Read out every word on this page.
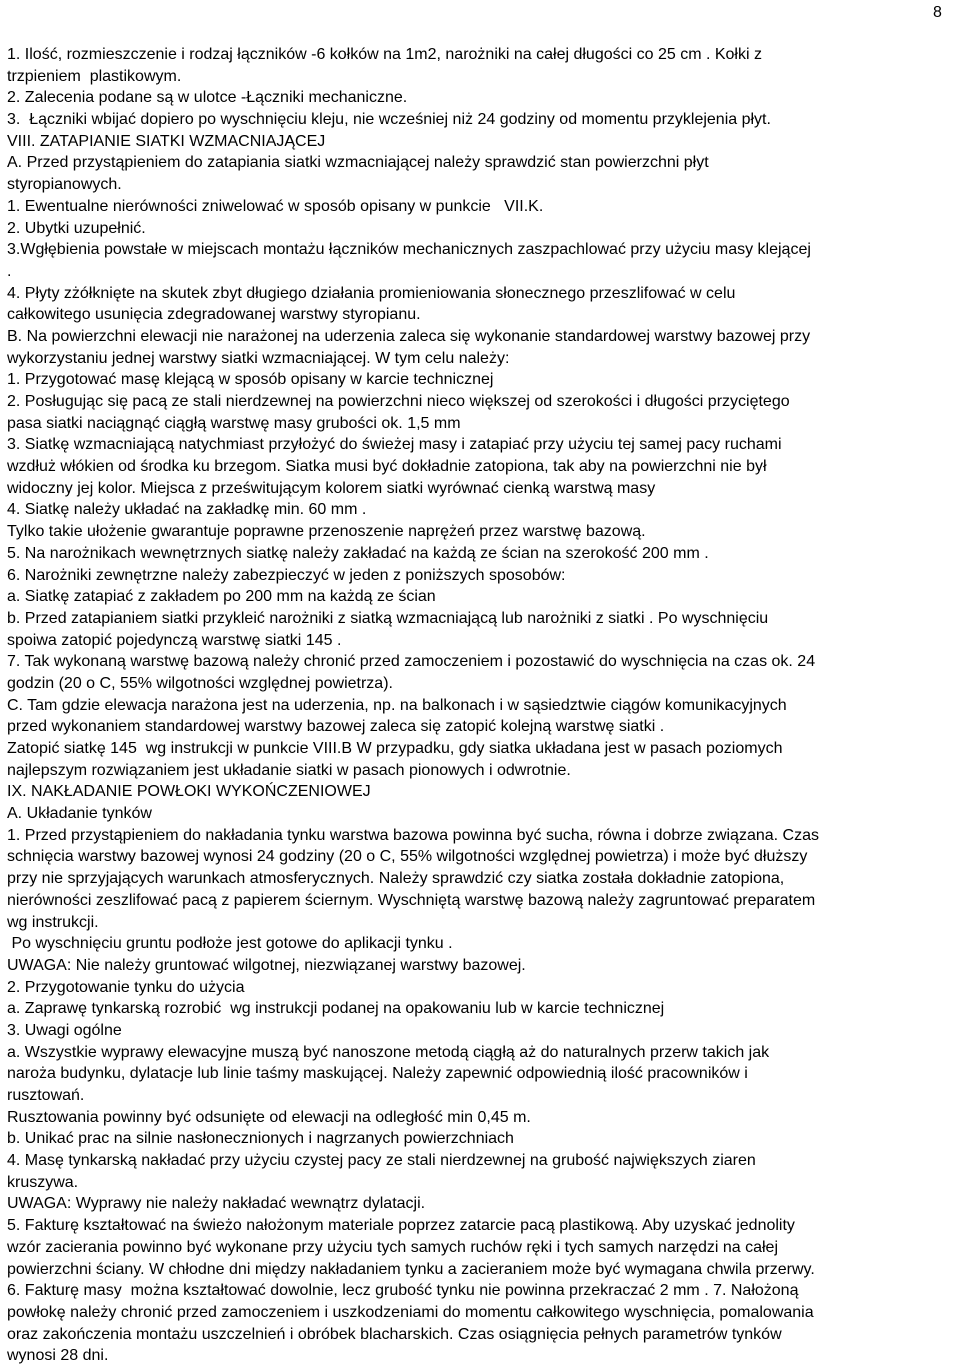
8
1. Ilość, rozmieszczenie i rodzaj łączników -6 kołków na 1m2, narożniki na całej długości co 25 cm . Kołki z
trzpieniem  plastikowym.
2. Zalecenia podane są w ulotce -Łączniki mechaniczne.
3.  Łączniki wbijać dopiero po wyschnięciu kleju, nie wcześniej niż 24 godziny od momentu przyklejenia płyt.
VIII. ZATAPIANIE SIATKI WZMACNIAJĄCEJ
A. Przed przystąpieniem do zatapiania siatki wzmacniającej należy sprawdzić stan powierzchni płyt
styropianowych.
1. Ewentualne nierówności zniwelować w sposób opisany w punkcie   VII.K.
2. Ubytki uzupełnić.
3.Wgłębienia powstałe w miejscach montażu łączników mechanicznych zaszpachlować przy użyciu masy klejącej
.
4. Płyty zżółknięte na skutek zbyt długiego działania promieniowania słonecznego przeszlifować w celu
całkowitego usunięcia zdegradowanej warstwy styropianu.
B. Na powierzchni elewacji nie narażonej na uderzenia zaleca się wykonanie standardowej warstwy bazowej przy
wykorzystaniu jednej warstwy siatki wzmacniającej. W tym celu należy:
1. Przygotować masę klejącą w sposób opisany w karcie technicznej
2. Posługując się pacą ze stali nierdzewnej na powierzchni nieco większej od szerokości i długości przyciętego
pasa siatki naciągnąć ciągłą warstwę masy grubości ok. 1,5 mm
3. Siatkę wzmacniającą natychmiast przyłożyć do świeżej masy i zatapiać przy użyciu tej samej pacy ruchami
wzdłuż włókien od środka ku brzegom. Siatka musi być dokładnie zatopiona, tak aby na powierzchni nie był
widoczny jej kolor. Miejsca z prześwitującym kolorem siatki wyrównać cienką warstwą masy
4. Siatkę należy układać na zakładkę min. 60 mm .
Tylko takie ułożenie gwarantuje poprawne przenoszenie naprężeń przez warstwę bazową.
5. Na narożnikach wewnętrznych siatkę należy zakładać na każdą ze ścian na szerokość 200 mm .
6. Narożniki zewnętrzne należy zabezpieczyć w jeden z poniższych sposobów:
a. Siatkę zatapiać z zakładem po 200 mm na każdą ze ścian
b. Przed zatapianiem siatki przykleić narożniki z siatką wzmacniającą lub narożniki z siatki . Po wyschnięciu
spoiwa zatopić pojedynczą warstwę siatki 145 .
7. Tak wykonaną warstwę bazową należy chronić przed zamoczeniem i pozostawić do wyschnięcia na czas ok. 24
godzin (20 o C, 55% wilgotności względnej powietrza).
C. Tam gdzie elewacja narażona jest na uderzenia, np. na balkonach i w sąsiedztwie ciągów komunikacyjnych
przed wykonaniem standardowej warstwy bazowej zaleca się zatopić kolejną warstwę siatki .
Zatopić siatkę 145  wg instrukcji w punkcie VIII.B W przypadku, gdy siatka układana jest w pasach poziomych
najlepszym rozwiązaniem jest układanie siatki w pasach pionowych i odwrotnie.
IX. NAKŁADANIE POWŁOKI WYKOŃCZENIOWEJ
A. Układanie tynków
1. Przed przystąpieniem do nakładania tynku warstwa bazowa powinna być sucha, równa i dobrze związana. Czas
schnięcia warstwy bazowej wynosi 24 godziny (20 o C, 55% wilgotności względnej powietrza) i może być dłuższy
przy nie sprzyjających warunkach atmosferycznych. Należy sprawdzić czy siatka została dokładnie zatopiona,
nierówności zeszlifować pacą z papierem ściernym. Wyschniętą warstwę bazową należy zagruntować preparatem
wg instrukcji.
Po wyschnięciu gruntu podłoże jest gotowe do aplikacji tynku .
UWAGA: Nie należy gruntować wilgotnej, niezwiązanej warstwy bazowej.
2. Przygotowanie tynku do użycia
a. Zaprawę tynkarską rozrobić  wg instrukcji podanej na opakowaniu lub w karcie technicznej
3. Uwagi ogólne
a. Wszystkie wyprawy elewacyjne muszą być nanoszone metodą ciągłą aż do naturalnych przerw takich jak
naroża budynku, dylatacje lub linie taśmy maskującej. Należy zapewnić odpowiednią ilość pracowników i
rusztowań.
Rusztowania powinny być odsunięte od elewacji na odległość min 0,45 m.
b. Unikać prac na silnie nasłonecznionych i nagrzanych powierzchniach
4. Masę tynkarską nakładać przy użyciu czystej pacy ze stali nierdzewnej na grubość największych ziaren
kruszywa.
UWAGA: Wyprawy nie należy nakładać wewnątrz dylatacji.
5. Fakturę kształtować na świeżo nałożonym materiale poprzez zatarcie pacą plastikową. Aby uzyskać jednolity
wzór zacierania powinno być wykonane przy użyciu tych samych ruchów ręki i tych samych narzędzi na całej
powierzchni ściany. W chłodne dni między nakładaniem tynku a zacieraniem może być wymagana chwila przerwy.
6. Fakturę masy  można kształtować dowolnie, lecz grubość tynku nie powinna przekraczać 2 mm . 7. Nałożoną
powłokę należy chronić przed zamoczeniem i uszkodzeniami do momentu całkowitego wyschnięcia, pomalowania
oraz zakończenia montażu uszczelnień i obróbek blacharskich. Czas osiągnięcia pełnych parametrów tynków
wynosi 28 dni.
